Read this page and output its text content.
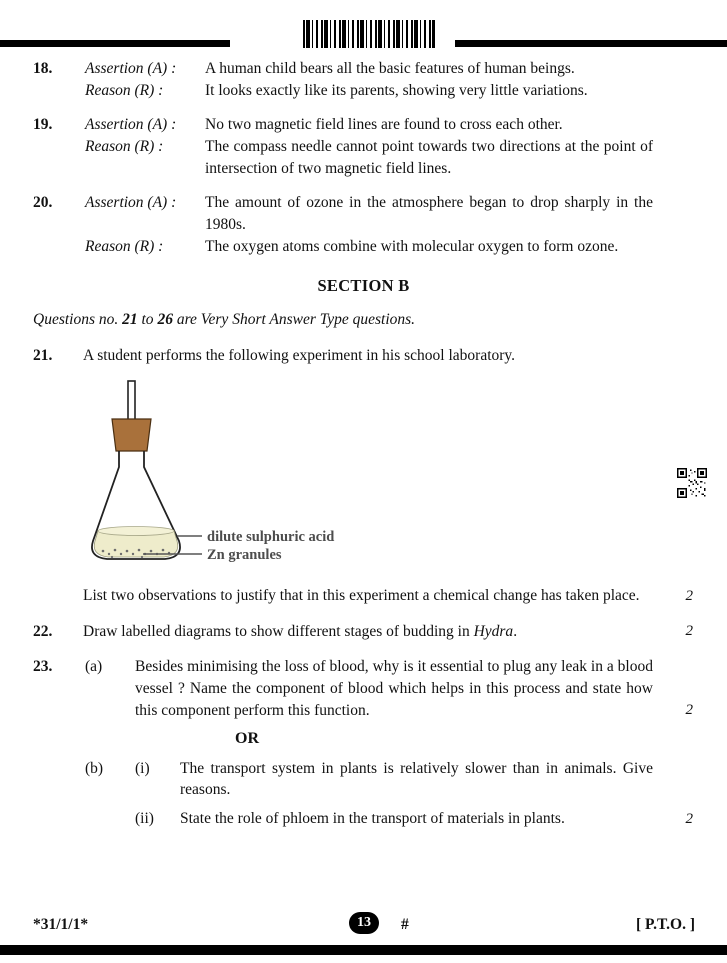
18.	Assertion (A) :	A human child bears all the basic features of human beings.
Reason (R) :	It looks exactly like its parents, showing very little variations.
19.	Assertion (A) :	No two magnetic field lines are found to cross each other.
Reason (R) :	The compass needle cannot point towards two directions at the point of intersection of two magnetic field lines.
20.	Assertion (A) :	The amount of ozone in the atmosphere began to drop sharply in the 1980s.
Reason (R) :	The oxygen atoms combine with molecular oxygen to form ozone.
SECTION B
Questions no. 21 to 26 are Very Short Answer Type questions.
21.	A student performs the following experiment in his school laboratory.
dilute sulphuric acid
Zn granules
List two observations to justify that in this experiment a chemical change has taken place.	2
22.	Draw labelled diagrams to show different stages of budding in Hydra.	2
23.	(a)	Besides minimising the loss of blood, why is it essential to plug any leak in a blood vessel ? Name the component of blood which helps in this process and state how this component perform this function.	2
OR
(b)	(i)	The transport system in plants is relatively slower than in animals. Give reasons.
(ii)	State the role of phloem in the transport of materials in plants.	2
*31/1/1*	13	#	[ P.T.O. ]
